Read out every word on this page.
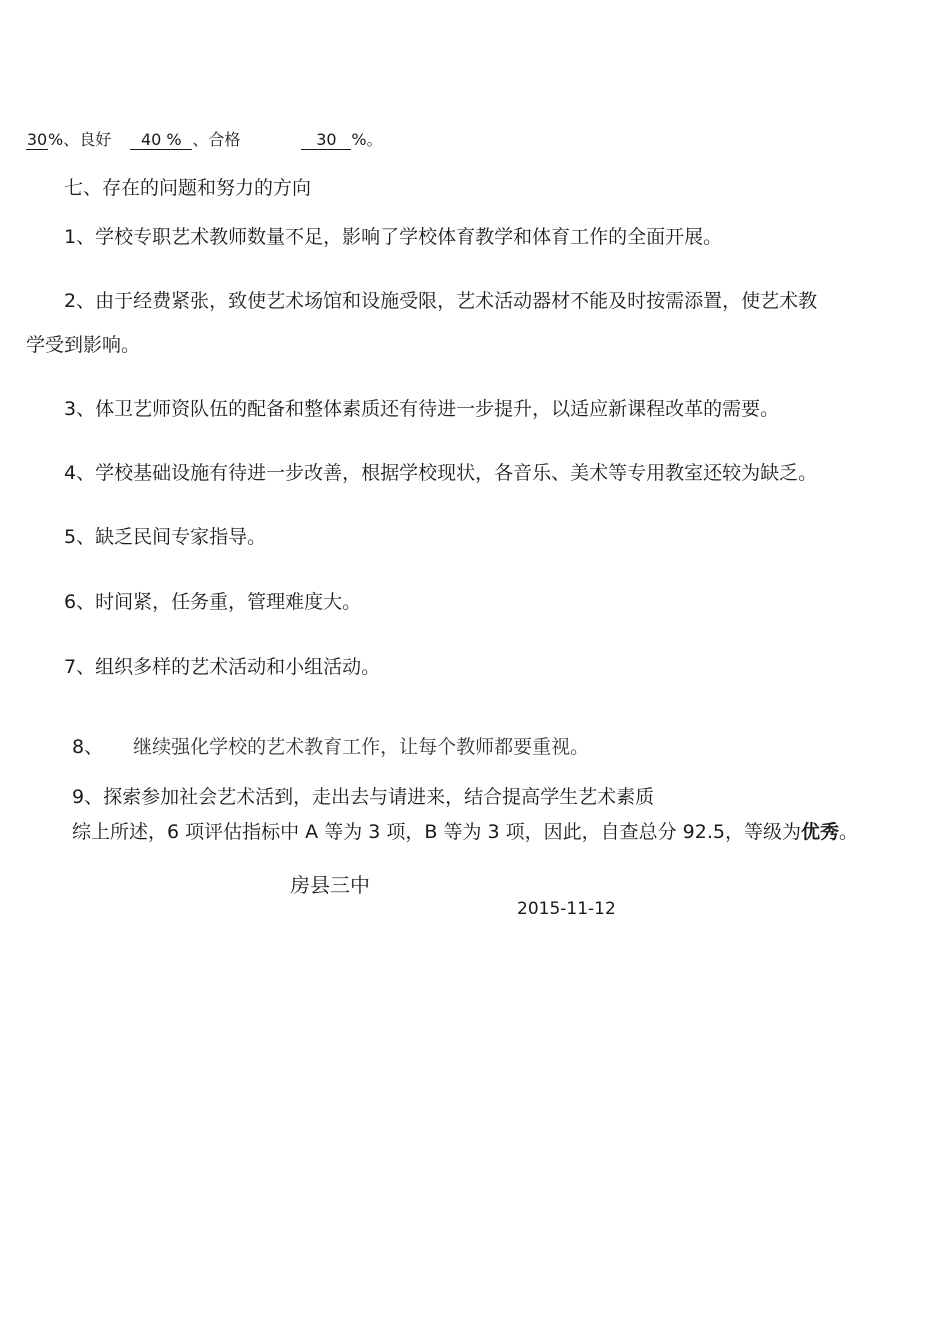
30%、良好 40 % 、合格	30 %。
七、存在的问题和努力的方向
1、学校专职艺术教师数量不足，影响了学校体育教学和体育工作的全面开展。
2、由于经费紧张，致使艺术场馆和设施受限，艺术活动器材不能及时按需添置，使艺术教
学受到影响。
3、体卫艺师资队伍的配备和整体素质还有待进一步提升，以适应新课程改革的需要。
4、学校基础设施有待进一步改善，根据学校现状，各音乐、美术等专用教室还较为缺乏。
5、缺乏民间专家指导。
6、时间紧，任务重，管理难度大。
7、组织多样的艺术活动和小组活动。
8、 继续强化学校的艺术教育工作，让每个教师都要重视。
9、探索参加社会艺术活到，走出去与请进来，结合提高学生艺术素质
综上所述，6 项评估指标中 A 等为 3 项，B 等为 3 项，因此，自查总分 92.5，等级为优秀。
房县三中
2015-11-12
